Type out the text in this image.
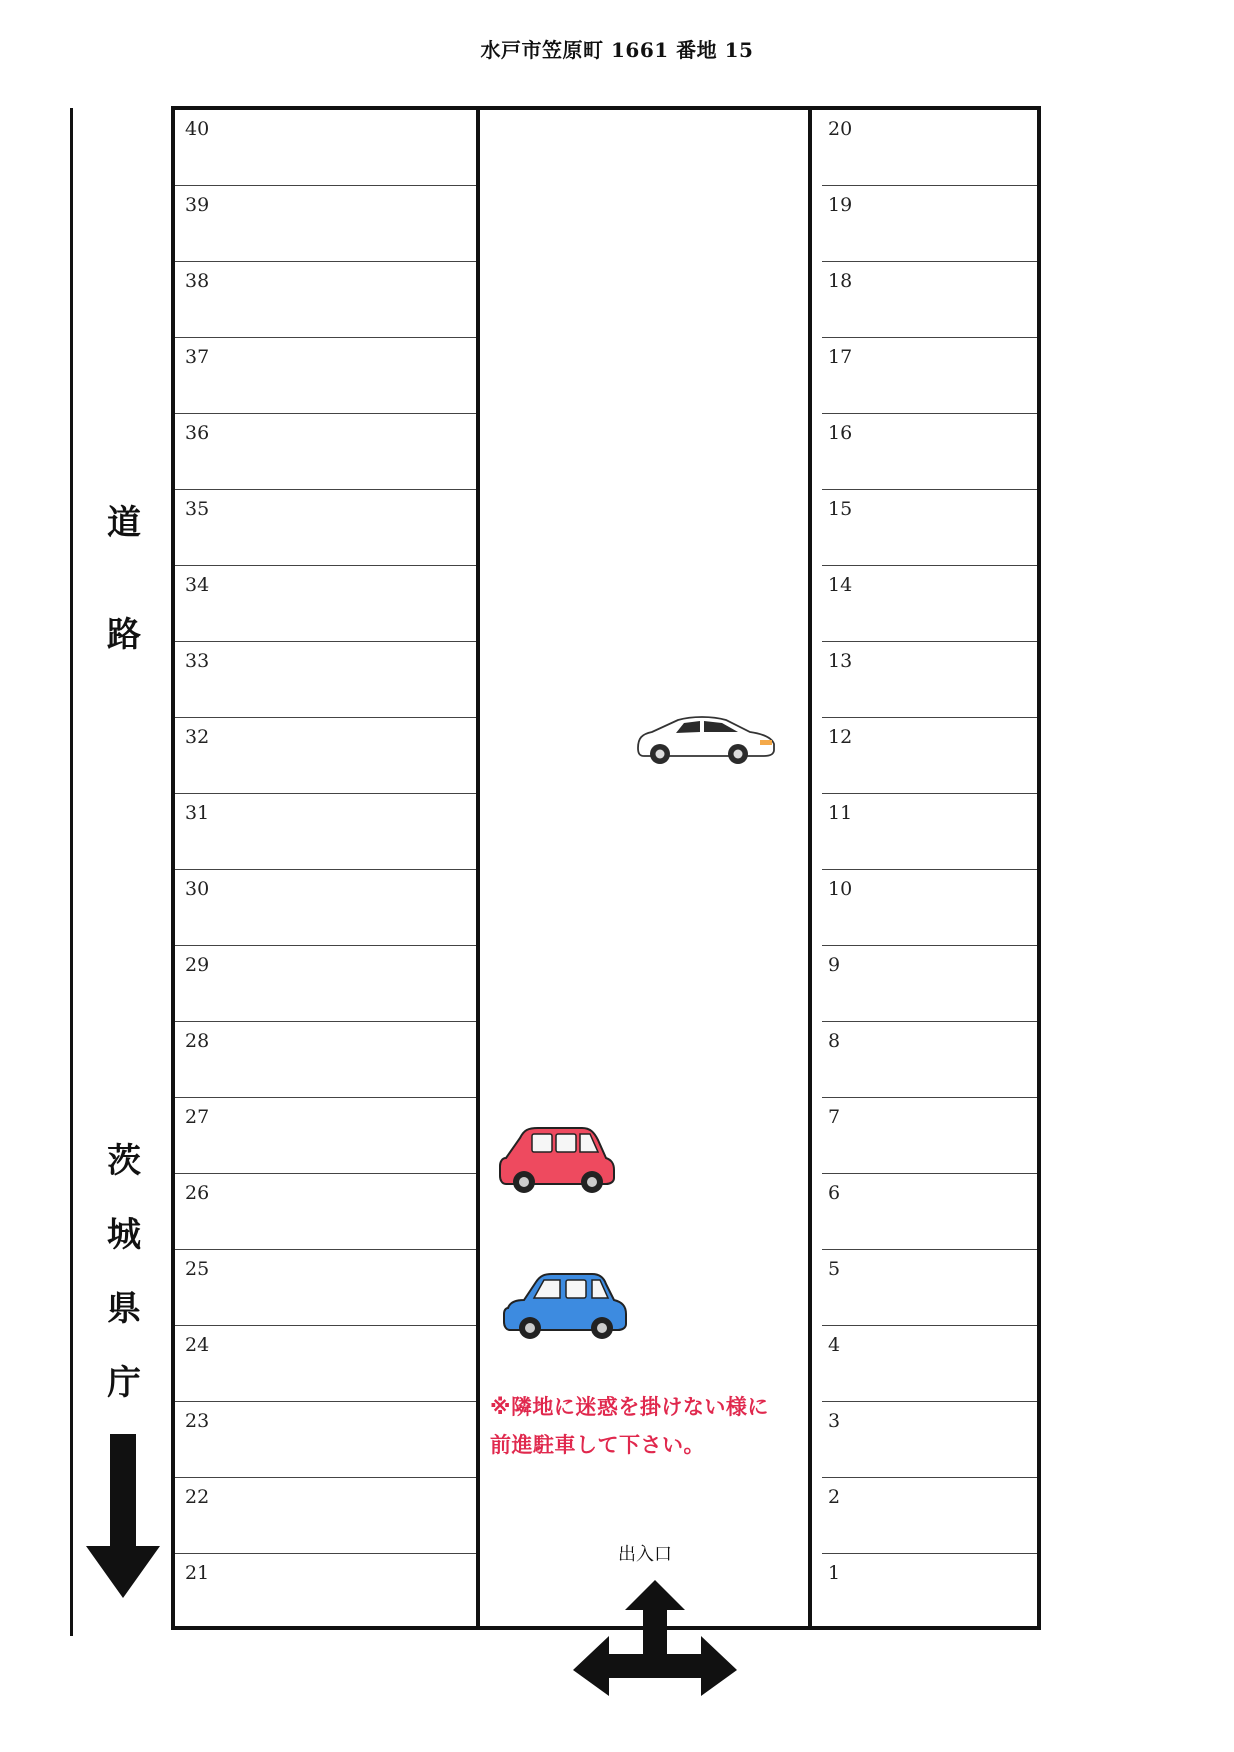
水戸市笠原町 1661 番地 15
道
路
茨
城
県
庁
40
39
38
37
36
35
34
33
32
31
30
29
28
27
26
25
24
23
22
21
20
19
18
17
16
15
14
13
12
11
10
9
8
7
6
5
4
3
2
1
※隣地に迷惑を掛けない様に
前進駐車して下さい。
出入口
